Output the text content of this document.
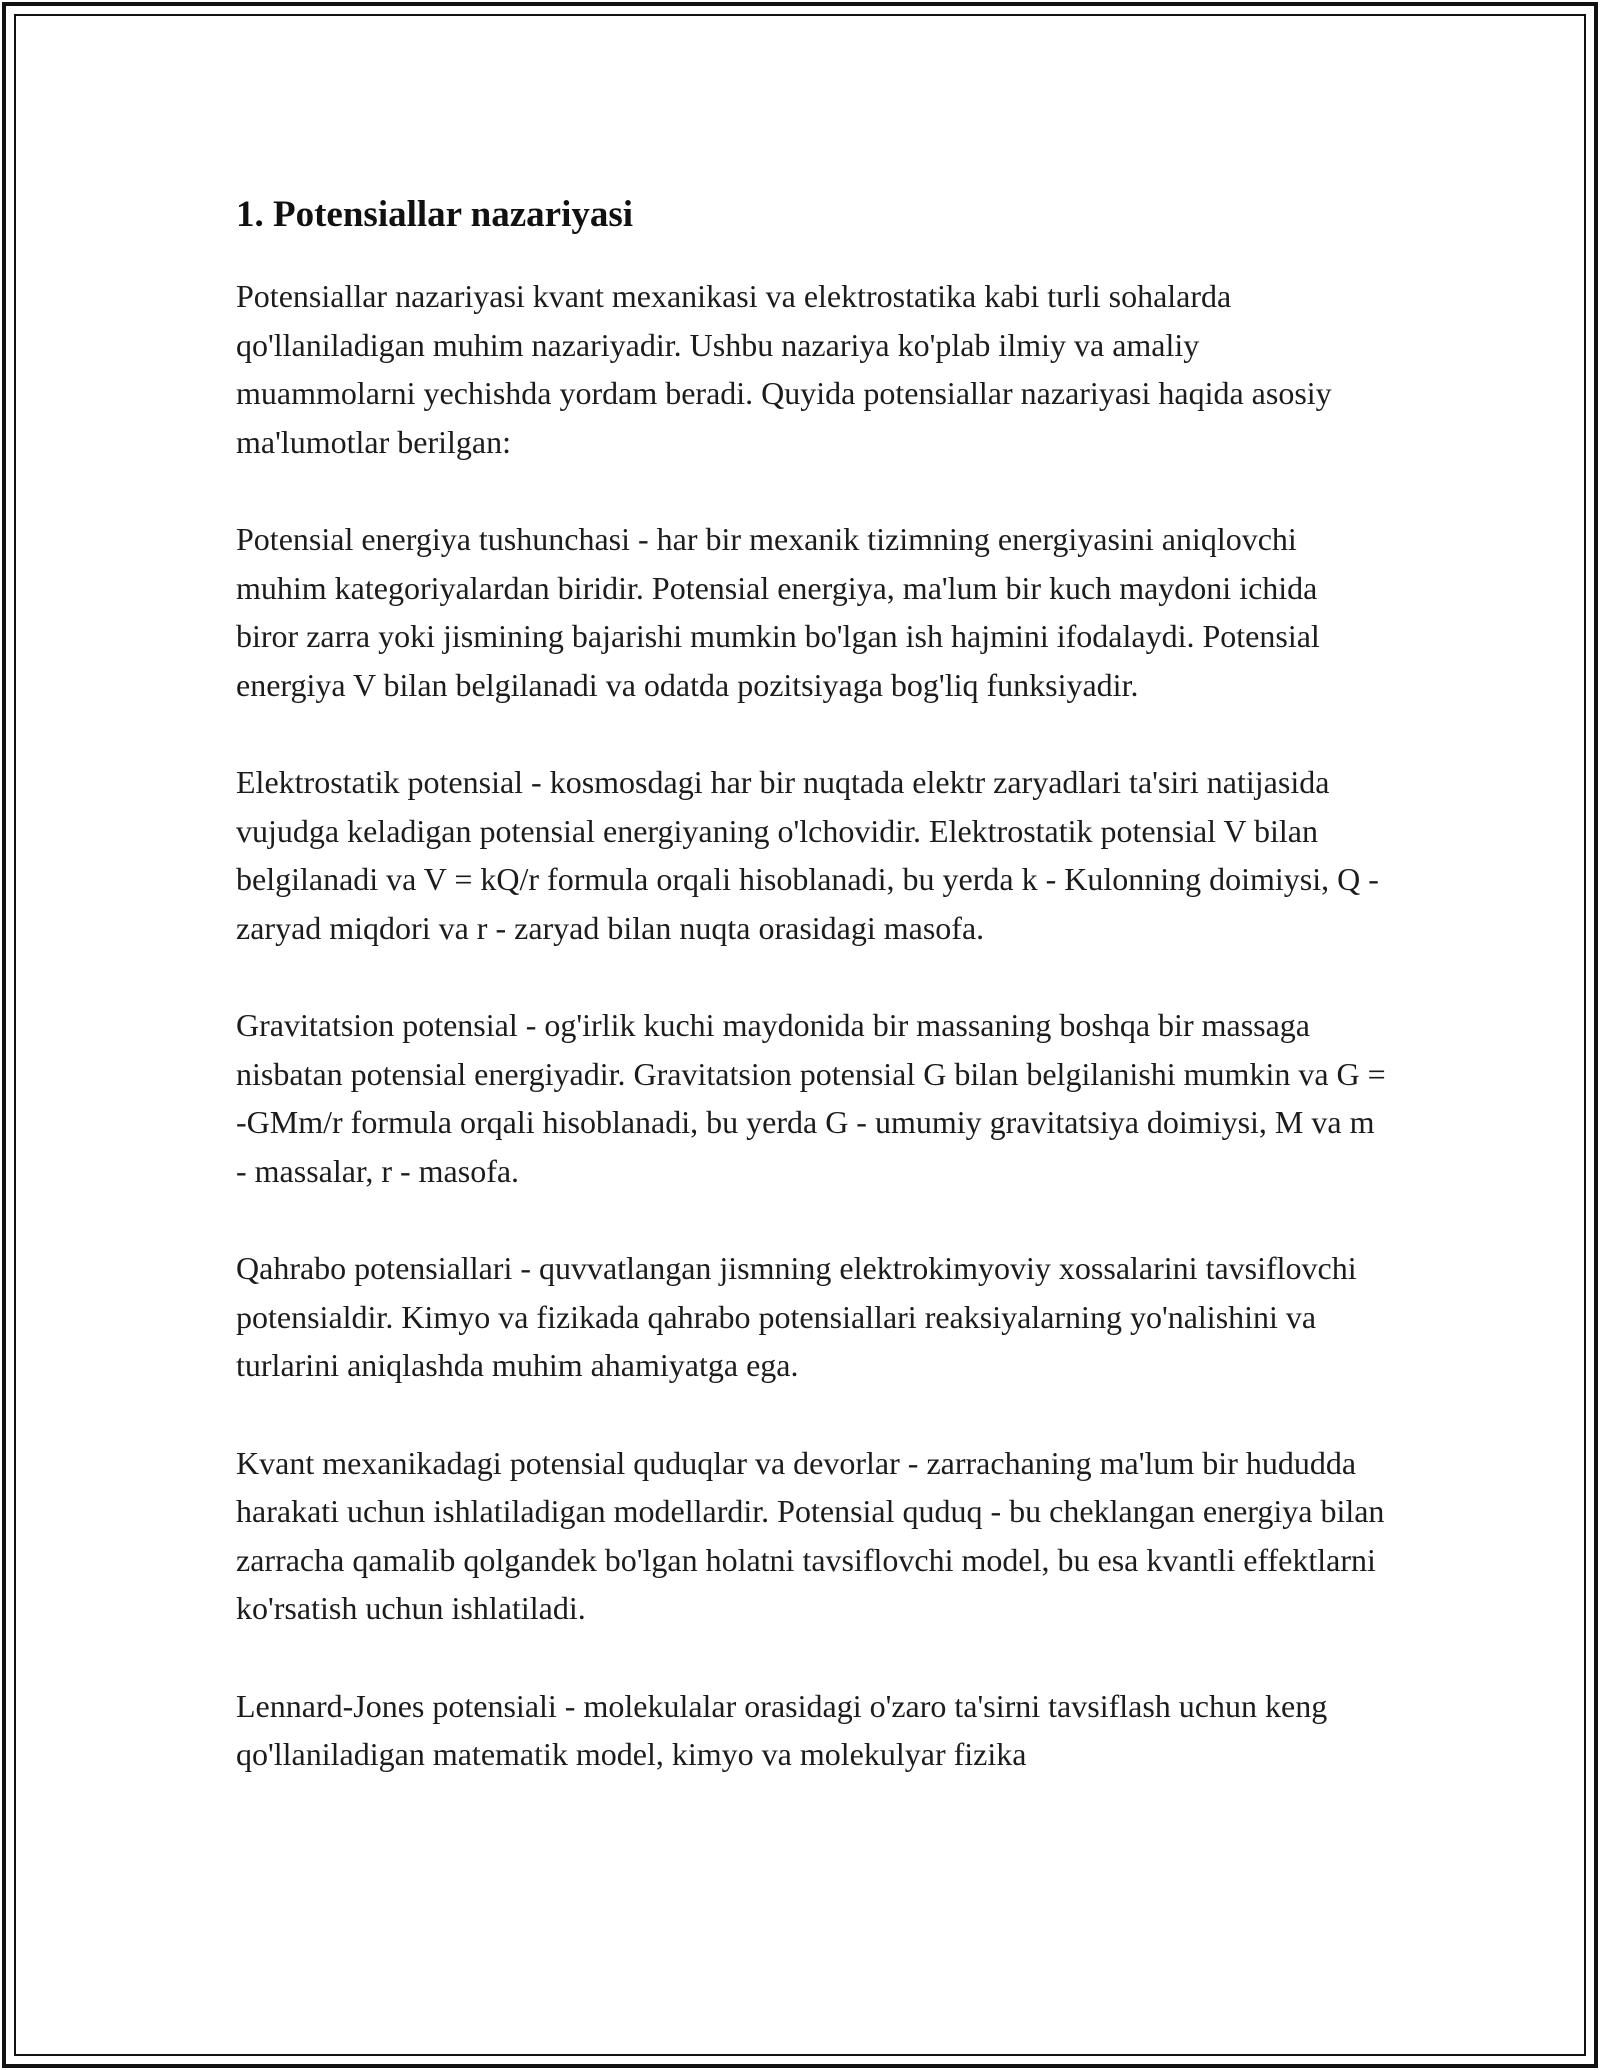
1. Potensiallar nazariyasi

Potensiallar nazariyasi kvant mexanikasi va elektrostatika kabi turli sohalarda qo'llaniladigan muhim nazariyadir. Ushbu nazariya ko'plab ilmiy va amaliy muammolarni yechishda yordam beradi. Quyida potensiallar nazariyasi haqida asosiy ma'lumotlar berilgan:

Potensial energiya tushunchasi - har bir mexanik tizimning energiyasini aniqlovchi muhim kategoriyalardan biridir. Potensial energiya, ma'lum bir kuch maydoni ichida biror zarra yoki jismining bajarishi mumkin bo'lgan ish hajmini ifodalaydi. Potensial energiya V bilan belgilanadi va odatda pozitsiyaga bog'liq funksiyadir.

Elektrostatik potensial - kosmosdagi har bir nuqtada elektr zaryadlari ta'siri natijasida vujudga keladigan potensial energiyaning o'lchovidir. Elektrostatik potensial V bilan belgilanadi va V = kQ/r formula orqali hisoblanadi, bu yerda k - Kulonning doimiysi, Q - zaryad miqdori va r - zaryad bilan nuqta orasidagi masofa.

Gravitatsion potensial - og'irlik kuchi maydonida bir massaning boshqa bir massaga nisbatan potensial energiyadir. Gravitatsion potensial G bilan belgilanishi mumkin va G = -GMm/r formula orqali hisoblanadi, bu yerda G - umumiy gravitatsiya doimiysi, M va m - massalar, r - masofa.

Qahrabo potensiallari - quvvatlangan jismning elektrokimyoviy xossalarini tavsiflovchi potensialdir. Kimyo va fizikada qahrabo potensiallari reaksiyalarning yo'nalishini va turlarini aniqlashda muhim ahamiyatga ega.

Kvant mexanikadagi potensial quduqlar va devorlar - zarrachaning ma'lum bir hududda harakati uchun ishlatiladigan modellardir. Potensial quduq - bu cheklangan energiya bilan zarracha qamalib qolgandek bo'lgan holatni tavsiflovchi model, bu esa kvantli effektlarni ko'rsatish uchun ishlatiladi.

Lennard-Jones potensiali - molekulalar orasidagi o'zaro ta'sirni tavsiflash uchun keng qo'llaniladigan matematik model, kimyo va molekulyar fizika
